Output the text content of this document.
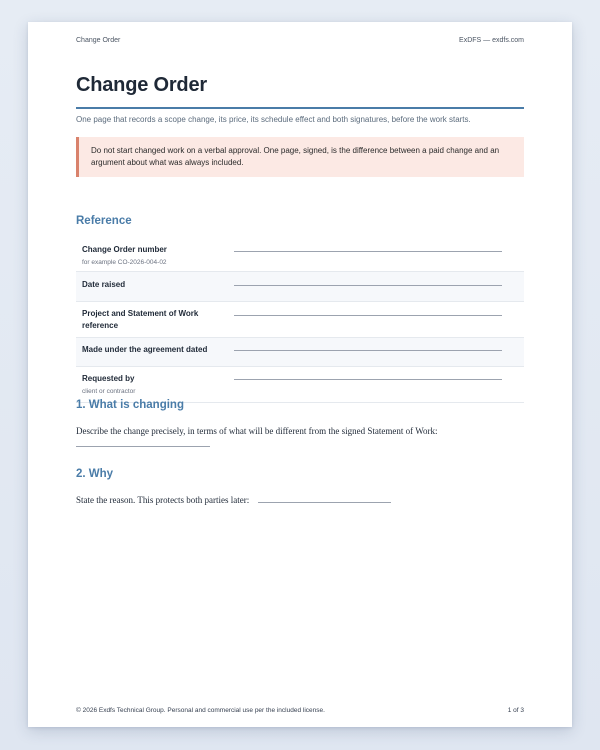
Change Order	ExDFS — exdfs.com
Change Order
One page that records a scope change, its price, its schedule effect and both signatures, before the work starts.
Do not start changed work on a verbal approval. One page, signed, is the difference between a paid change and an argument about what was always included.
Reference
Change Order number
for example CO-2026-004-02
Date raised
Project and Statement of Work reference
Made under the agreement dated
Requested by
client or contractor
1. What is changing
Describe the change precisely, in terms of what will be different from the signed Statement of Work:
2. Why
State the reason. This protects both parties later:
© 2026 Exdfs Technical Group. Personal and commercial use per the included license.	1 of 3
